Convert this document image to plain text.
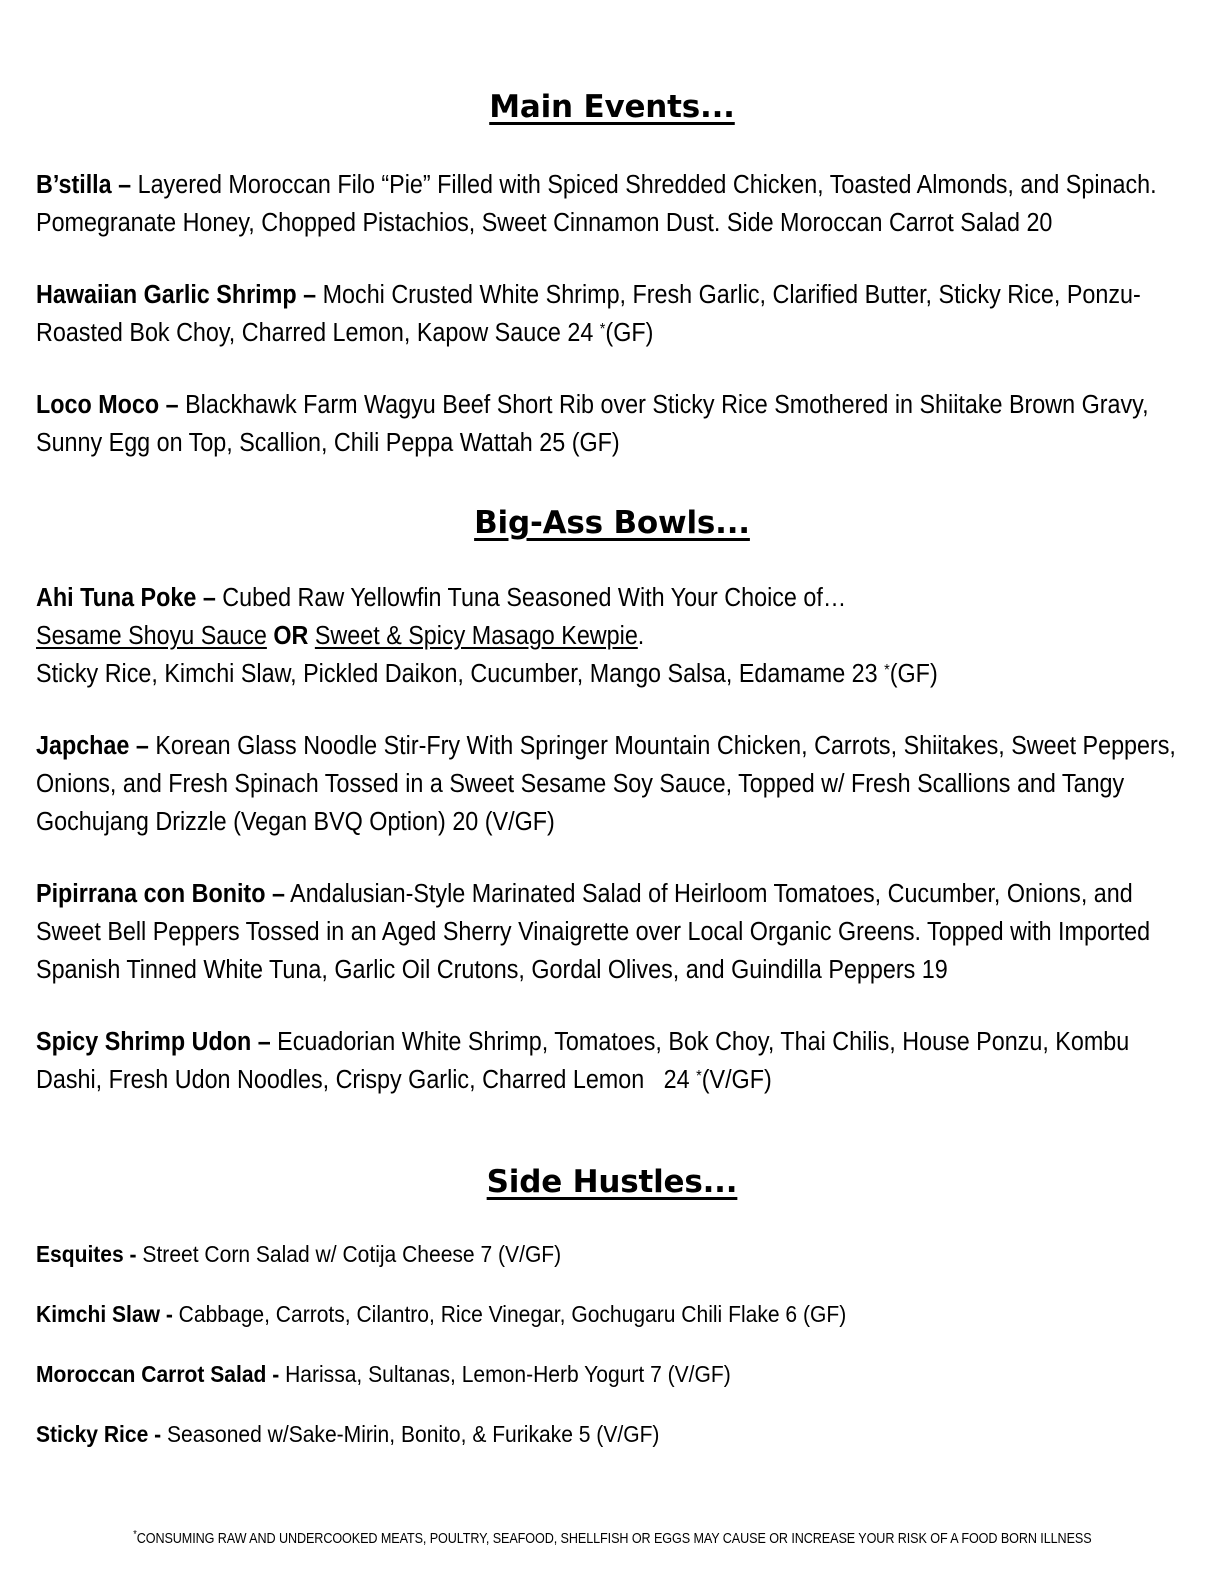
Main Events...
B’stilla – Layered Moroccan Filo “Pie” Filled with Spiced Shredded Chicken, Toasted Almonds, and Spinach. Pomegranate Honey, Chopped Pistachios, Sweet Cinnamon Dust. Side Moroccan Carrot Salad 20
Hawaiian Garlic Shrimp – Mochi Crusted White Shrimp, Fresh Garlic, Clarified Butter, Sticky Rice, Ponzu-Roasted Bok Choy, Charred Lemon, Kapow Sauce 24 *(GF)
Loco Moco – Blackhawk Farm Wagyu Beef Short Rib over Sticky Rice Smothered in Shiitake Brown Gravy, Sunny Egg on Top, Scallion, Chili Peppa Wattah 25 (GF)
Big-Ass Bowls...
Ahi Tuna Poke – Cubed Raw Yellowfin Tuna Seasoned With Your Choice of…

Sesame Shoyu Sauce OR Sweet & Spicy Masago Kewpie.
Sticky Rice, Kimchi Slaw, Pickled Daikon, Cucumber, Mango Salsa, Edamame 23 *(GF)
Japchae – Korean Glass Noodle Stir-Fry With Springer Mountain Chicken, Carrots, Shiitakes, Sweet Peppers, Onions, and Fresh Spinach Tossed in a Sweet Sesame Soy Sauce, Topped w/ Fresh Scallions and Tangy Gochujang Drizzle (Vegan BVQ Option) 20 (V/GF)
Pipirrana con Bonito – Andalusian-Style Marinated Salad of Heirloom Tomatoes, Cucumber, Onions, and Sweet Bell Peppers Tossed in an Aged Sherry Vinaigrette over Local Organic Greens. Topped with Imported Spanish Tinned White Tuna, Garlic Oil Crutons, Gordal Olives, and Guindilla Peppers 19
Spicy Shrimp Udon – Ecuadorian White Shrimp, Tomatoes, Bok Choy, Thai Chilis, House Ponzu, Kombu Dashi, Fresh Udon Noodles, Crispy Garlic, Charred Lemon 24 *(V/GF)
Side Hustles...
Esquites - Street Corn Salad w/ Cotija Cheese 7 (V/GF)
Kimchi Slaw - Cabbage, Carrots, Cilantro, Rice Vinegar, Gochugaru Chili Flake 6 (GF)
Moroccan Carrot Salad - Harissa, Sultanas, Lemon-Herb Yogurt 7 (V/GF)
Sticky Rice - Seasoned w/Sake-Mirin, Bonito, & Furikake 5 (V/GF)
*CONSUMING RAW AND UNDERCOOKED MEATS, POULTRY, SEAFOOD, SHELLFISH OR EGGS MAY CAUSE OR INCREASE YOUR RISK OF A FOOD BORN ILLNESS
